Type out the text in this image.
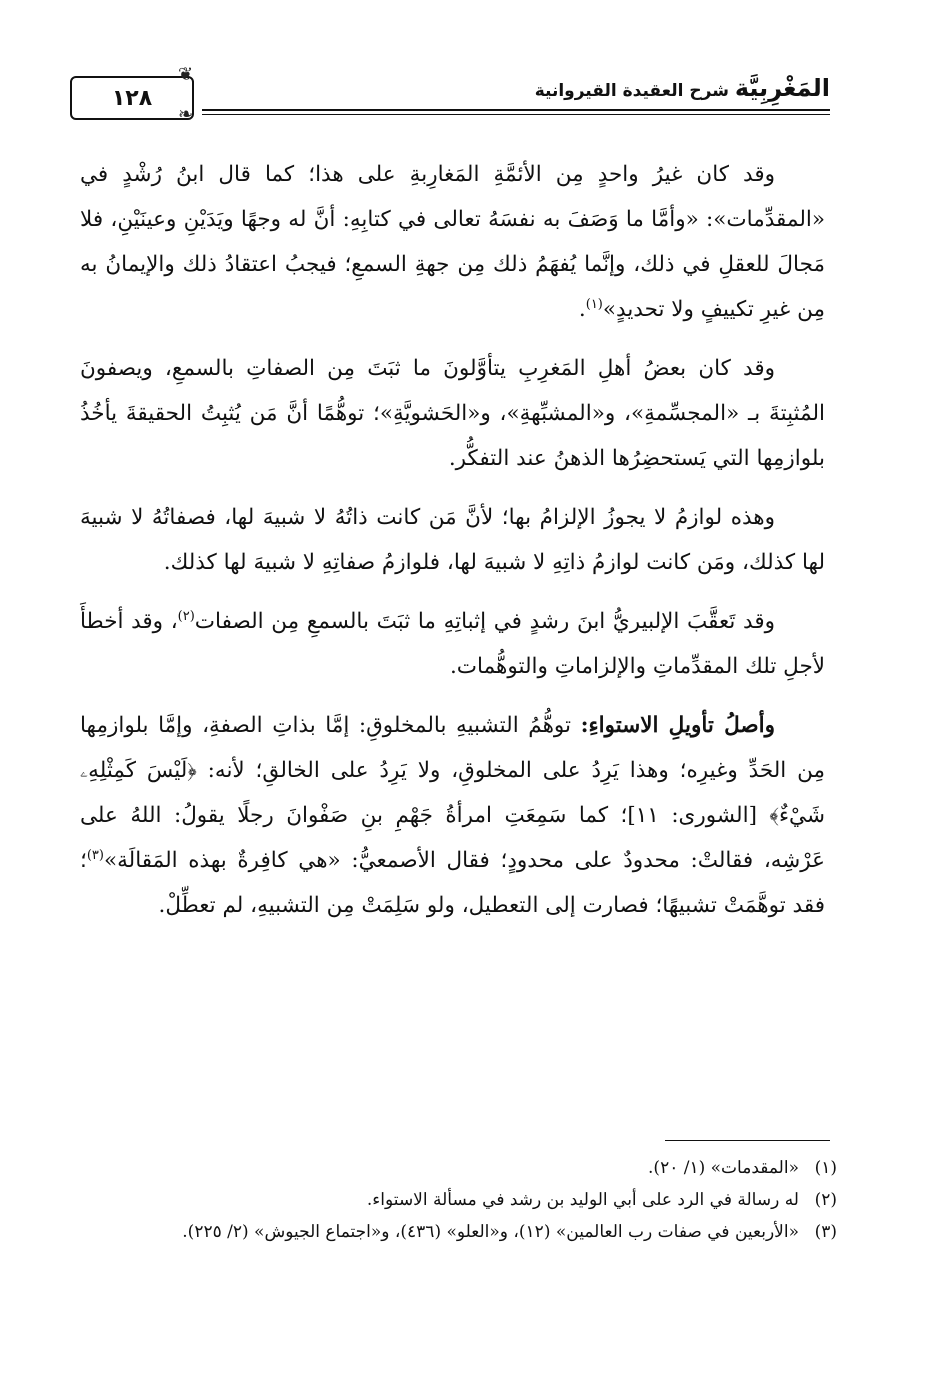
١٢٨
❦
❧
المَغْرِبِيَّة شرح العقيدة القيروانية

وقد كان غيرُ واحدٍ مِن الأئمَّةِ المَغارِبةِ على هذا؛ كما قال ابنُ رُشْدٍ في «المقدِّمات»: «وأمَّا ما وَصَفَ به نفسَهُ تعالى في كتابِهِ: أنَّ له وجهًا ويَدَيْنِ وعينَيْنِ، فلا مَجالَ للعقلِ في ذلك، وإنَّما يُفهَمُ ذلك مِن جهةِ السمعِ؛ فيجبُ اعتقادُ ذلك والإيمانُ به مِن غيرِ تكييفٍ ولا تحديدٍ»$^{(١)}$.

وقد كان بعضُ أهلِ المَغرِبِ يتأوَّلونَ ما ثبَتَ مِن الصفاتِ بالسمعِ، ويصفونَ المُثبِتةَ بـ «المجسِّمةِ»، و«المشبِّهةِ»، و«الحَشويَّةِ»؛ توهُّمًا أنَّ مَن يُثبِتُ الحقيقةَ يأخُذُ بلوازمِها التي يَستحضِرُها الذهنُ عند التفكُّر.

وهذه لوازمُ لا يجوزُ الإلزامُ بها؛ لأنَّ مَن كانت ذاتُهُ لا شبيهَ لها، فصفاتُهُ لا شبيهَ لها كذلك، ومَن كانت لوازمُ ذاتِهِ لا شبيهَ لها، فلوازمُ صفاتِهِ لا شبيهَ لها كذلك.

وقد تَعقَّبَ الإلبيريُّ ابنَ رشدٍ في إثباتِهِ ما ثبَتَ بالسمعِ مِن الصفات$^{(٢)}$، وقد أخطأَ لأجلِ تلك المقدِّماتِ والإلزاماتِ والتوهُّمات.

وأصلُ تأويلِ الاستواءِ: توهُّمُ التشبيهِ بالمخلوقِ: إمَّا بذاتِ الصفةِ، وإمَّا بلوازمِها مِن الحَدِّ وغيرِه؛ وهذا يَرِدُ على المخلوقِ، ولا يَرِدُ على الخالقِ؛ لأنه: ﴿لَيْسَ كَمِثْلِهِۦ شَيْءٌ﴾ [الشورى: ١١]؛ كما سَمِعَتِ امرأةُ جَهْمِ بنِ صَفْوانَ رجلًا يقولُ: اللهُ على عَرْشِه، فقالتْ: محدودٌ على محدودٍ؛ فقال الأصمعيُّ: «هي كافِرةٌ بهذه المَقالَة»$^{(٣)}$؛ فقد توهَّمَتْ تشبيهًا؛ فصارت إلى التعطيل، ولو سَلِمَتْ مِن التشبيهِ، لم تعطِّلْ.

(١)
«المقدمات» (١/ ٢٠).
(٢)
له رسالة في الرد على أبي الوليد بن رشد في مسألة الاستواء.
(٣)
«الأربعين في صفات رب العالمين» (١٢)، و«العلو» (٤٣٦)، و«اجتماع الجيوش» (٢/ ٢٢٥).
